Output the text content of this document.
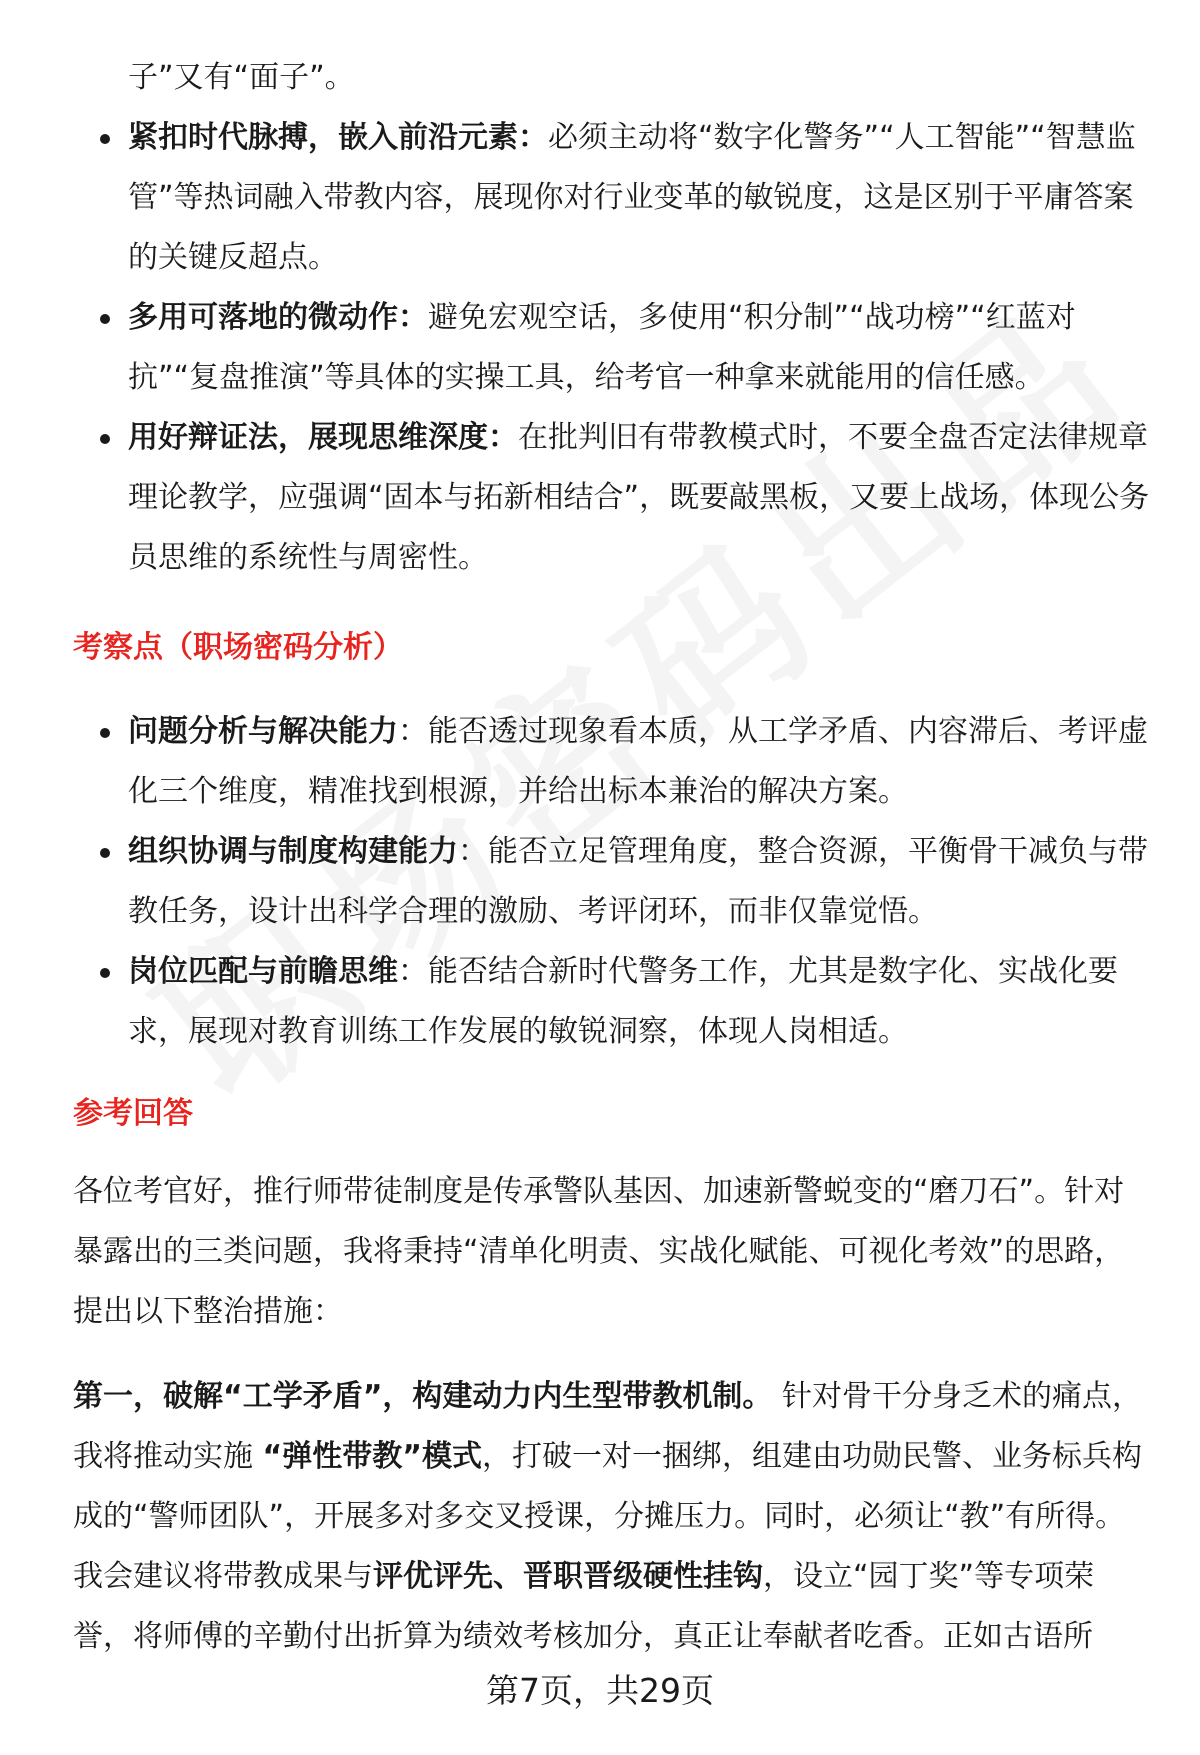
子”又有“面子”。

紧扣时代脉搏，嵌入前沿元素：必须主动将“数字化警务”“人工智能”“智慧监管”等热词融入带教内容，展现你对行业变革的敏锐度，这是区别于平庸答案的关键反超点。
多用可落地的微动作：避免宏观空话，多使用“积分制”“战功榜”“红蓝对抗”“复盘推演”等具体的实操工具，给考官一种拿来就能用的信任感。
用好辩证法，展现思维深度：在批判旧有带教模式时，不要全盘否定法律规章理论教学，应强调“固本与拓新相结合”，既要敲黑板，又要上战场，体现公务员思维的系统性与周密性。
考察点（职场密码分析）
问题分析与解决能力：能否透过现象看本质，从工学矛盾、内容滞后、考评虚化三个维度，精准找到根源，并给出标本兼治的解决方案。
组织协调与制度构建能力：能否立足管理角度，整合资源，平衡骨干减负与带教任务，设计出科学合理的激励、考评闭环，而非仅靠觉悟。
岗位匹配与前瞻思维：能否结合新时代警务工作，尤其是数字化、实战化要求，展现对教育训练工作发展的敏锐洞察，体现人岗相适。
参考回答

各位考官好，推行师带徒制度是传承警队基因、加速新警蜕变的“磨刀石”。针对暴露出的三类问题，我将秉持“清单化明责、实战化赋能、可视化考效”的思路，提出以下整治措施：

第一，破解“工学矛盾”，构建动力内生型带教机制。 针对骨干分身乏术的痛点，我将推动实施 “弹性带教”模式，打破一对一捆绑，组建由功勋民警、业务标兵构成的“警师团队”，开展多对多交叉授课，分摊压力。同时，必须让“教”有所得。我会建议将带教成果与评优评先、晋职晋级硬性挂钩，设立“园丁奖”等专项荣誉，将师傅的辛勤付出折算为绩效考核加分，真正让奉献者吃香。正如古语所

第7页，共29页
